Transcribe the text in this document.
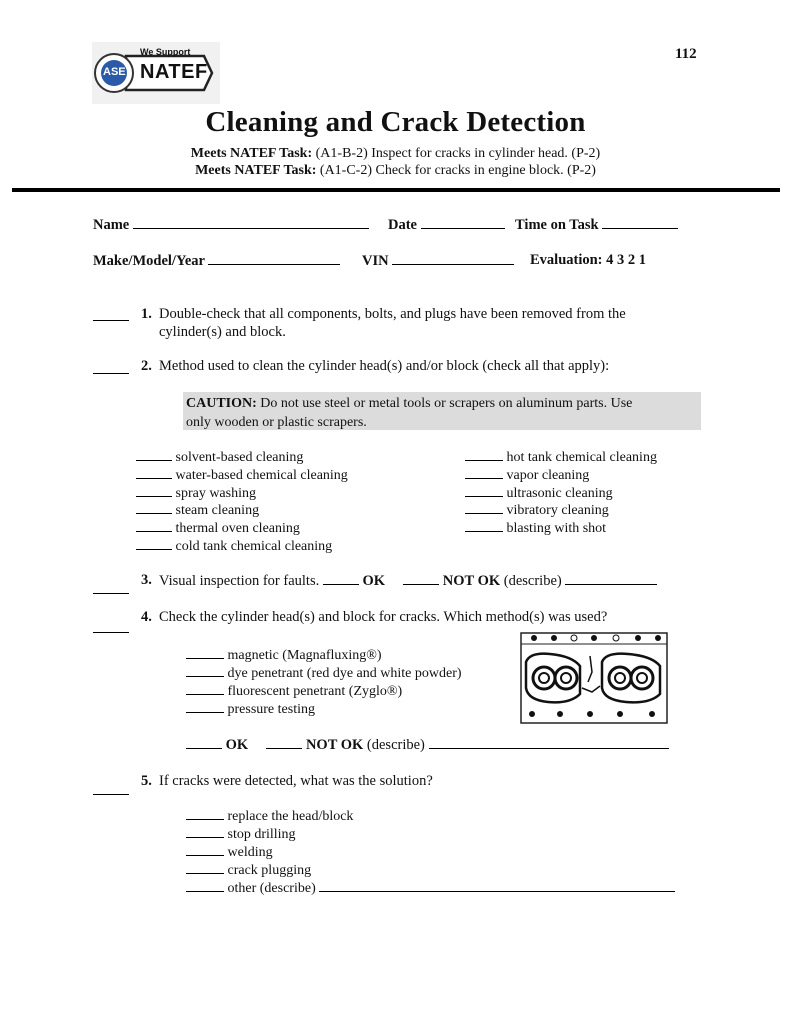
We Support
NATEF
ASE
112
Cleaning and Crack Detection
Meets NATEF Task: (A1-B-2) Inspect for cracks in cylinder head. (P-2)
Meets NATEF Task: (A1-C-2) Check for cracks in engine block. (P-2)
Name	Date	Time on Task
Make/Model/Year	VIN	Evaluation: 4 3 2 1
1. Double-check that all components, bolts, and plugs have been removed from the
cylinder(s) and block.
2. Method used to clean the cylinder head(s) and/or block (check all that apply):
CAUTION: Do not use steel or metal tools or scrapers on aluminum parts. Use
only wooden or plastic scrapers.
solvent-based cleaning
water-based chemical cleaning
spray washing
steam cleaning
thermal oven cleaning
cold tank chemical cleaning
hot tank chemical cleaning
vapor cleaning
ultrasonic cleaning
vibratory cleaning
blasting with shot
3. Visual inspection for faults.	OK	NOT OK (describe)
4. Check the cylinder head(s) and block for cracks. Which method(s) was used?
magnetic (Magnafluxing®)
dye penetrant (red dye and white powder)
fluorescent penetrant (Zyglo®)
pressure testing
OK	NOT OK (describe)
5. If cracks were detected, what was the solution?
replace the head/block
stop drilling
welding
crack plugging
other (describe)
